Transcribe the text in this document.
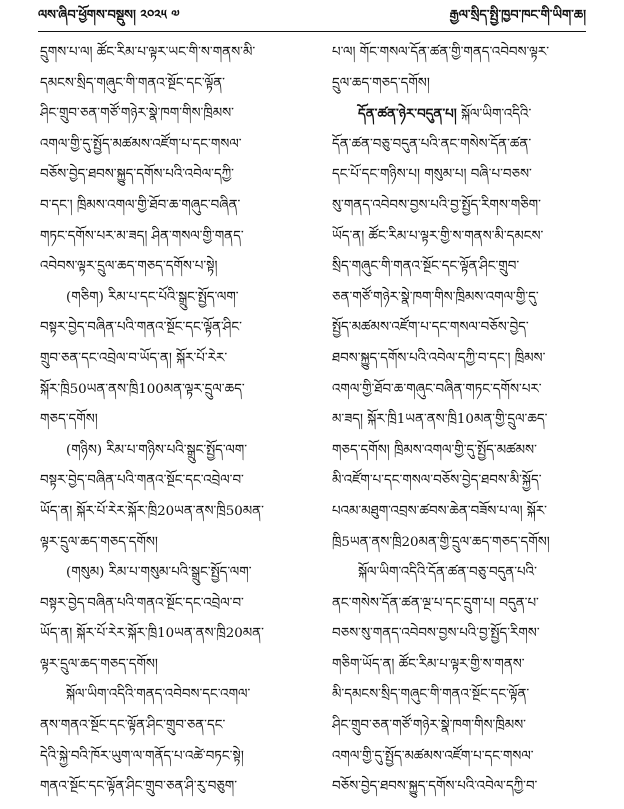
ལས་ཞིབ་ཕྱོགས་བསྡུས། ༢༠༢༥ ༧	རྒྱལ་སྲིད་སྤྱི་ཁྱབ་ཁང་གི་ཡིག་ཆ།
དྲུགས་པ་ལ། ཚོང་རིམ་པ་ལྟར་ཡང་གི་ས་གནས་མི་
དམངས་སྲིད་གཞུང་གི་གནའ་སྔོང་དང་ལྟོན་
ཤིང་གྲུབ་ཅན་གཙོ་གཉེར་སྣེ་ཁག་གིས་ཁྲིམས་
འགལ་གྱི་དུ་སྤྱོད་མཚམས་འཛོག་པ་དང་གསལ་
བཅོས་བྱེད་ཐབས་སྐྱུད་དགོས་པའི་འབེལ་དཀྱི་
བ་དང་། ཁྲིམས་འགལ་གྱི་ཐོབ་ཆ་གཞུང་བཞིན་
གཏང་དགོས་པར་མ་ཟད། ཤིན་གསལ་གྱི་གནད་
འབེབས་ལྟར་དྲུལ་ཆད་གཅད་དགོས་པ་སྟེ།
(གཅིག) རིམ་པ་དང་པོའི་སྒྲུང་སྤྱོད་ལག་
བསྟར་བྱེད་བཞིན་པའི་གནའ་སྔོང་དང་ལྟོན་ཤིང་
གྲུབ་ཅན་དང་འབྲེལ་བ་ཡོད་ན། སྐོར་པོ་རེར་
སྐོར་ཁྲི50ཡན་ནས་ཁྲི100མན་ལྟར་དྲུལ་ཆད་
གཅད་དགོས།
(གཉིས) རིམ་པ་གཉིས་པའི་སྒྲུང་སྤྱོད་ལག་
བསྟར་བྱེད་བཞིན་པའི་གནའ་སྔོང་དང་འབྲེལ་བ་
ཡོད་ན། སྐོར་པོ་རེར་སྐོར་ཁྲི20ཡན་ནས་ཁྲི50མན་
ལྟར་དྲུལ་ཆད་གཅད་དགོས།
(གསུམ) རིམ་པ་གསུམ་པའི་སྒྲུང་སྤྱོད་ལག་
བསྟར་བྱེད་བཞིན་པའི་གནའ་སྔོང་དང་འབྲེལ་བ་
ཡོད་ན། སྐོར་པོ་རེར་སྐོར་ཁྲི10ཡན་ནས་ཁྲི20མན་
ལྟར་དྲུལ་ཆད་གཅད་དགོས།
སྐོལ་ཡིག་འདིའི་གནད་འབེབས་དང་འགལ་
ནས་གནའ་སྔོང་དང་ལྟོན་ཤིང་གྲུབ་ཅན་དང་
དེའི་སྐྱེ་བའི་ཁོར་ཡུག་ལ་གནོད་པ་འཚེ་བཏང་སྟེ།
གནའ་སྔོང་དང་ལྟོན་ཤིང་གྲུབ་ཅན་ཤི་རུ་བཅུག་
པ་ལ། གོང་གསལ་དོན་ཚན་གྱི་གནད་འབེབས་ལྟར་
དྲུལ་ཆད་གཅད་དགོས།
དོན་ཚན་ཉེར་བདུན་པ། སྐོལ་ཡིག་འདིའི་
དོན་ཚན་བཅུ་བདུན་པའི་ནང་གསེས་དོན་ཚན་
དང་པོ་དང་གཉིས་པ། གསུམ་པ། བཞི་པ་བཅས་
སུ་གནད་འབེབས་བྱས་པའི་བྱ་སྤྱོད་རིགས་གཅིག་
ཡོད་ན། ཚོང་རིམ་པ་ལྟར་གྱི་ས་གནས་མི་དམངས་
སྲིད་གཞུང་གི་གནའ་སྔོང་དང་ལྟོན་ཤིང་གྲུབ་
ཅན་གཙོ་གཉེར་སྣེ་ཁག་གིས་ཁྲིམས་འགལ་གྱི་དུ་
སྤྱོད་མཚམས་འཛོག་པ་དང་གསལ་བཅོས་བྱེད་
ཐབས་སྐྱུད་དགོས་པའི་འབེལ་དཀྱི་བ་དང་། ཁྲིམས་
འགལ་གྱི་ཐོབ་ཆ་གཞུང་བཞིན་གཏང་དགོས་པར་
མ་ཟད། སྐོར་ཁྲི1ཡན་ནས་ཁྲི10མན་གྱི་དྲུལ་ཆད་
གཅད་དགོས། ཁྲིམས་འགལ་གྱི་དུ་སྤྱོད་མཚམས་
མི་འཛོག་པ་དང་གསལ་བཅོས་བྱེད་ཐབས་མི་སྐྱོད་
པའམ་མཐུག་འབྲས་ཚབས་ཆེན་བཟོས་པ་ལ། སྐོར་
ཁྲི5ཡན་ནས་ཁྲི20མན་གྱི་དྲུལ་ཆད་གཅད་དགོས།
སྐོལ་ཡིག་འདིའི་དོན་ཚན་བཅུ་བདུན་པའི་
ནང་གསེས་དོན་ཚན་ལྔ་པ་དང་དྲུག་པ། བདུན་པ་
བཅས་སུ་གནད་འབེབས་བྱས་པའི་བྱ་སྤྱོད་རིགས་
གཅིག་ཡོད་ན། ཚོང་རིམ་པ་ལྟར་གྱི་ས་གནས་
མི་དམངས་སྲིད་གཞུང་གི་གནའ་སྔོང་དང་ལྟོན་
ཤིང་གྲུབ་ཅན་གཙོ་གཉེར་སྣེ་ཁག་གིས་ཁྲིམས་
འགལ་གྱི་དུ་སྤྱོད་མཚམས་འཛོག་པ་དང་གསལ་
བཅོས་བྱེད་ཐབས་སྐྱུད་དགོས་པའི་འབེལ་དཀྱི་བ་
